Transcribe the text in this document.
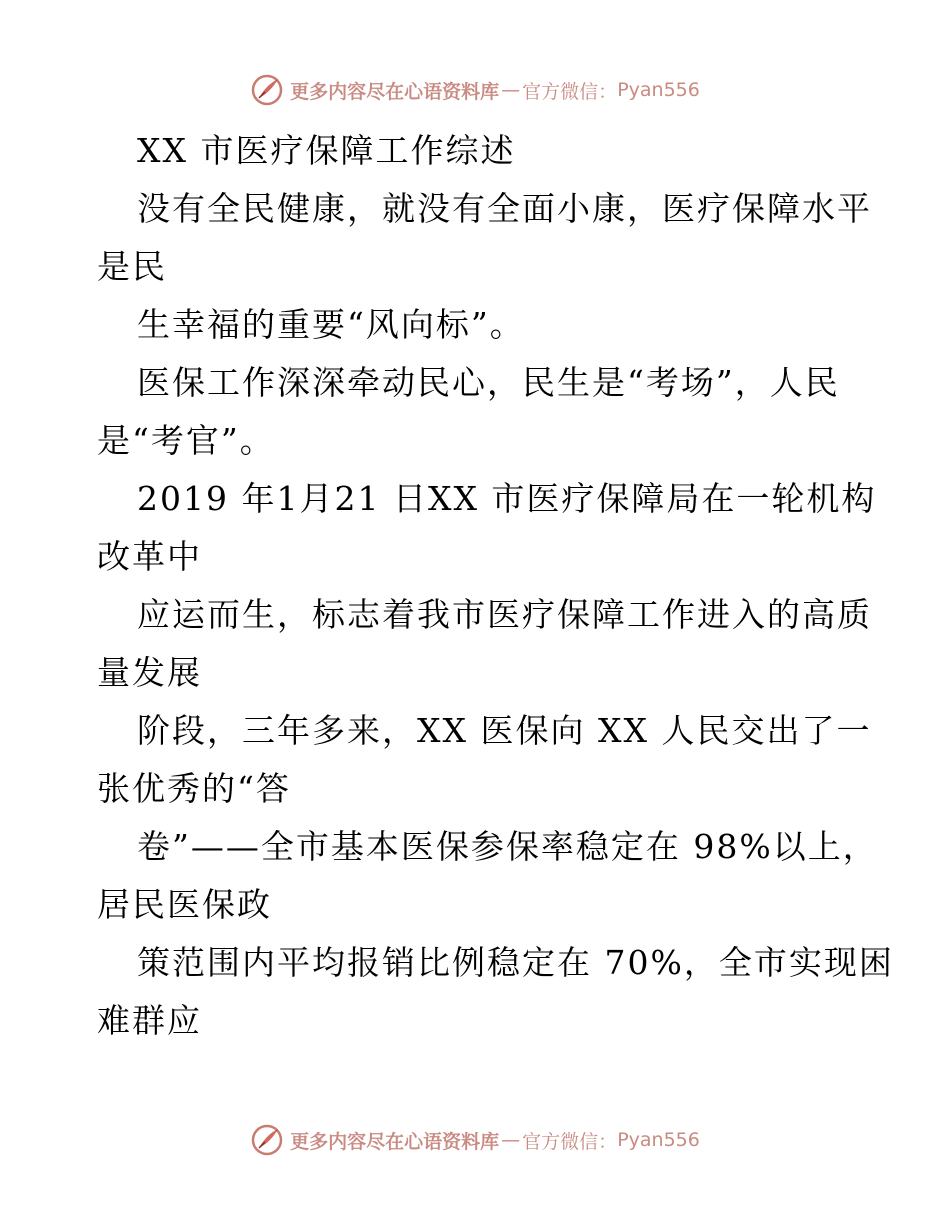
更多内容尽在心语资料库 — 官方微信： Pyan556
XX 市医疗保障工作综述
没有全民健康，就没有全面小康，医疗保障水平
是民
生幸福的重要“风向标”。
医保工作深深牵动民心，民生是“考场”，人民
是“考官”。
2019 年1月21 日XX 市医疗保障局在一轮机构
改革中
应运而生，标志着我市医疗保障工作进入的高质
量发展
阶段，三年多来，XX 医保向 XX 人民交出了一
张优秀的“答
卷”——全市基本医保参保率稳定在 98%以上，
居民医保政
策范围内平均报销比例稳定在 70%，全市实现困
难群应
更多内容尽在心语资料库 — 官方微信： Pyan556
